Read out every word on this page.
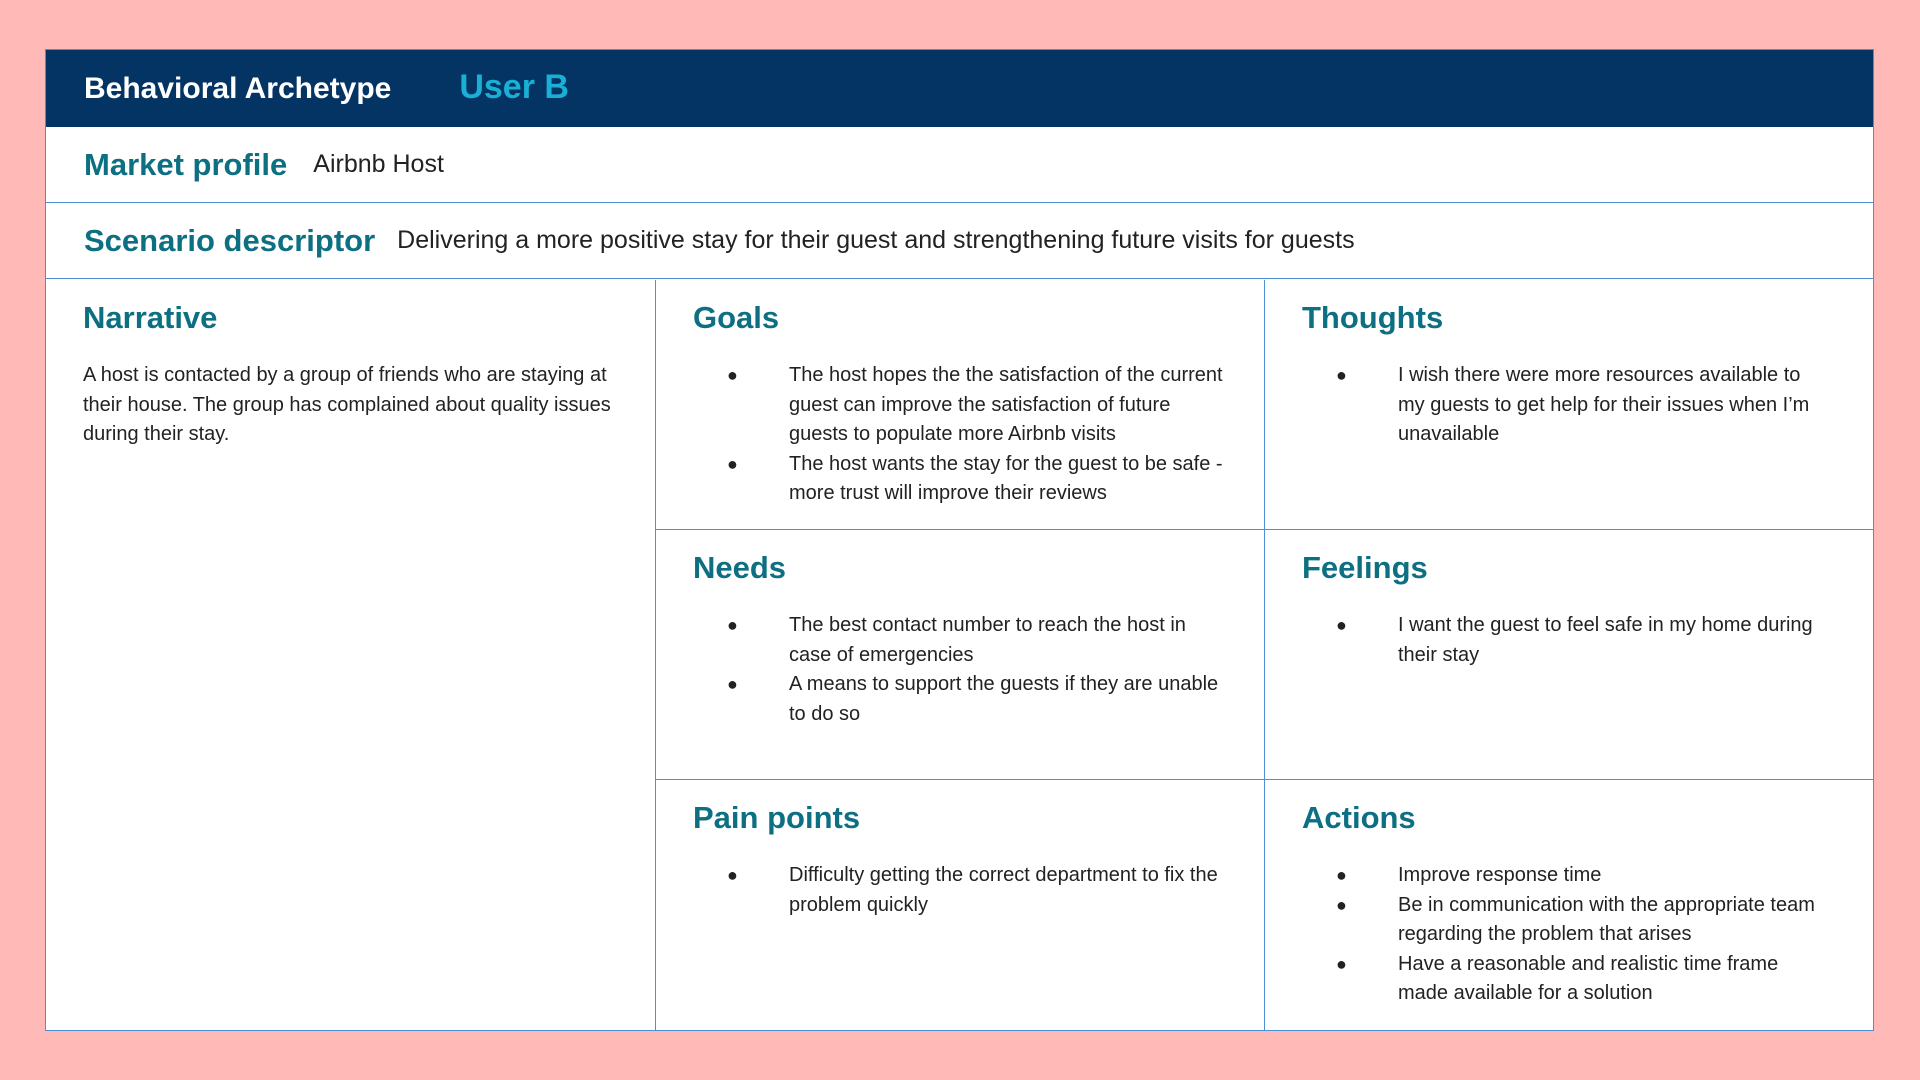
Behavioral Archetype User B
Market profile Airbnb Host
Scenario descriptor Delivering a more positive stay for their guest and strengthening future visits for guests
Narrative
A host is contacted by a group of friends who are staying at their house. The group has complained about quality issues during their stay.
Goals
●	The host hopes the the satisfaction of the current guest can improve the satisfaction of future guests to populate more Airbnb visits
●	The host wants the stay for the guest to be safe - more trust will improve their reviews
Thoughts
●	I wish there were more resources available to my guests to get help for their issues when I’m unavailable
Needs
●	The best contact number to reach the host in case of emergencies
●	A means to support the guests if they are unable to do so
Feelings
●	I want the guest to feel safe in my home during their stay
Pain points
●	Difficulty getting the correct department to fix the problem quickly
Actions
●	Improve response time
●	Be in communication with the appropriate team regarding the problem that arises
●	Have a reasonable and realistic time frame made available for a solution
